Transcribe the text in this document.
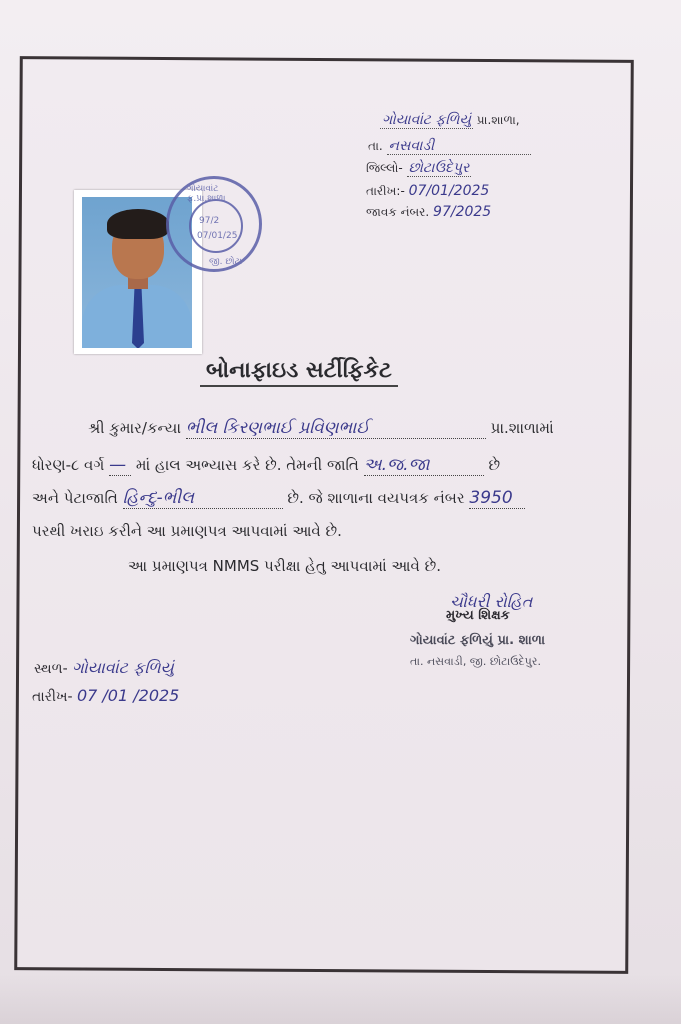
ગોયાવાંટ ફળિયું પ્રા.શાળા,
તા. નસવાડી
જિલ્લો- છોટાઉદેપુર
તારીખ:- 07/01/2025
જાવક નંબર. 97/2025
ગોયાવાંટ ફ.પ્રા.શાળા
97/2
07/01/25
જી. છોટા
બોનાફાઇડ સર્ટીફિકેટ
શ્રી કુમાર/કન્યા ભીલ કિરણભાઈ પ્રવિણભાઈ	પ્રા.શાળામાં
ધોરણ-૮ વર્ગ — માં હાલ અભ્યાસ કરે છે. તેમની જાતિ અ.જ.જા	છે
અને પેટાજાતિ હિન્દુ-ભીલ	છે. જે શાળાના વયપત્રક નંબર 3950
પરથી ખરાઇ કરીને આ પ્રમાણપત્ર આપવામાં આવે છે.
આ પ્રમાણપત્ર NMMS પરીક્ષા હેતુ આપવામાં આવે છે.
ચૌધરી રોહિત
મુખ્ય શિક્ષક
ગોયાવાંટ ફળિયું પ્રા. શાળા
તા. નસવાડી, જી. છોટાઉદેપુર.
સ્થળ- ગોયાવાંટ ફળિયું
તારીખ- 07 /01 /2025
